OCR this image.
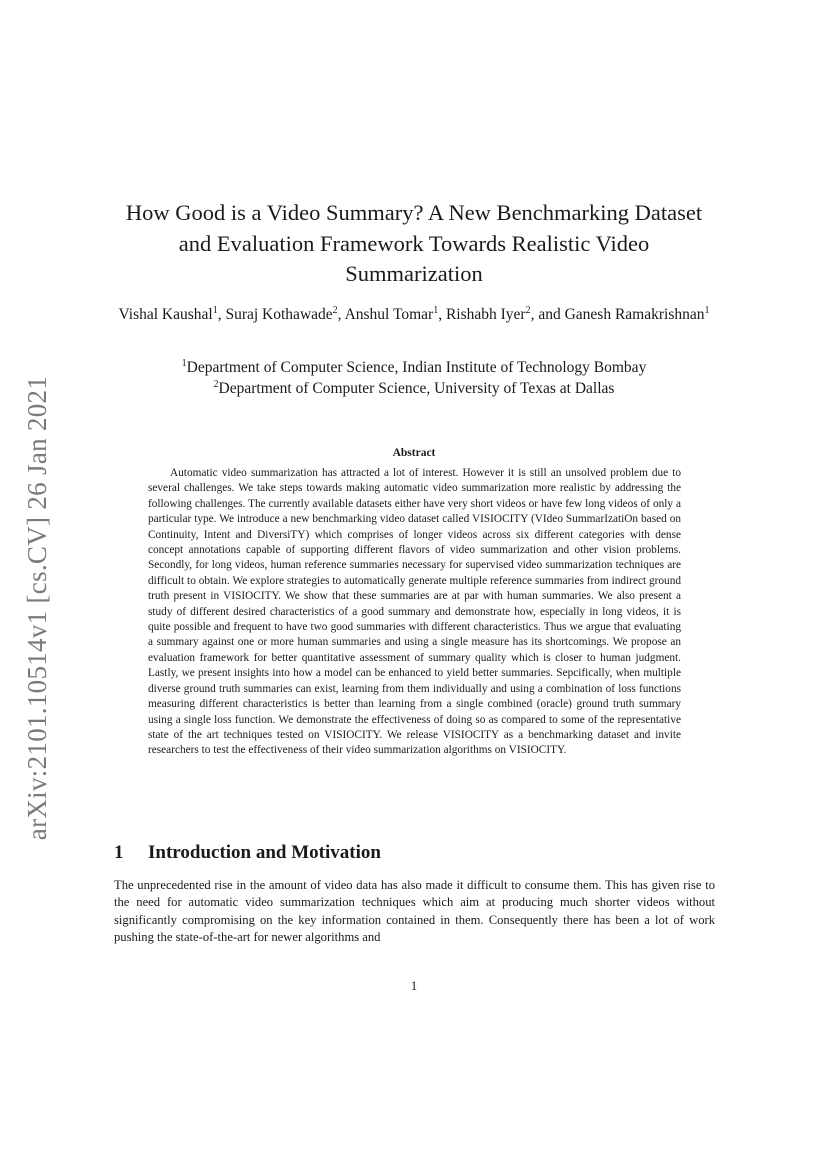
arXiv:2101.10514v1 [cs.CV] 26 Jan 2021
How Good is a Video Summary? A New Benchmarking Dataset and Evaluation Framework Towards Realistic Video Summarization
Vishal Kaushal$^1$, Suraj Kothawade$^2$, Anshul Tomar$^1$, Rishabh Iyer$^2$, and Ganesh Ramakrishnan$^1$
$^1$Department of Computer Science, Indian Institute of Technology Bombay
$^2$Department of Computer Science, University of Texas at Dallas
Abstract
Automatic video summarization has attracted a lot of interest. However it is still an unsolved problem due to several challenges. We take steps towards making automatic video summarization more realistic by addressing the following challenges. The currently available datasets either have very short videos or have few long videos of only a particular type. We introduce a new benchmarking video dataset called VISIOCITY (VIdeo SummarIzatiOn based on Continuity, Intent and DiversiTY) which comprises of longer videos across six different categories with dense concept annotations capable of supporting different flavors of video summarization and other vision problems. Secondly, for long videos, human reference summaries necessary for supervised video summarization techniques are difficult to obtain. We explore strategies to automatically generate multiple reference summaries from indirect ground truth present in VISIOCITY. We show that these summaries are at par with human summaries. We also present a study of different desired characteristics of a good summary and demonstrate how, especially in long videos, it is quite possible and frequent to have two good summaries with different characteristics. Thus we argue that evaluating a summary against one or more human summaries and using a single measure has its shortcomings. We propose an evaluation framework for better quantitative assessment of summary quality which is closer to human judgment. Lastly, we present insights into how a model can be enhanced to yield better summaries. Sepcifically, when multiple diverse ground truth summaries can exist, learning from them individually and using a combination of loss functions measuring different characteristics is better than learning from a single combined (oracle) ground truth summary using a single loss function. We demonstrate the effectiveness of doing so as compared to some of the representative state of the art techniques tested on VISIOCITY. We release VISIOCITY as a benchmarking dataset and invite researchers to test the effectiveness of their video summarization algorithms on VISIOCITY.
1 Introduction and Motivation
The unprecedented rise in the amount of video data has also made it difficult to consume them. This has given rise to the need for automatic video summarization techniques which aim at producing much shorter videos without significantly compromising on the key information contained in them. Consequently there has been a lot of work pushing the state-of-the-art for newer algorithms and
1
